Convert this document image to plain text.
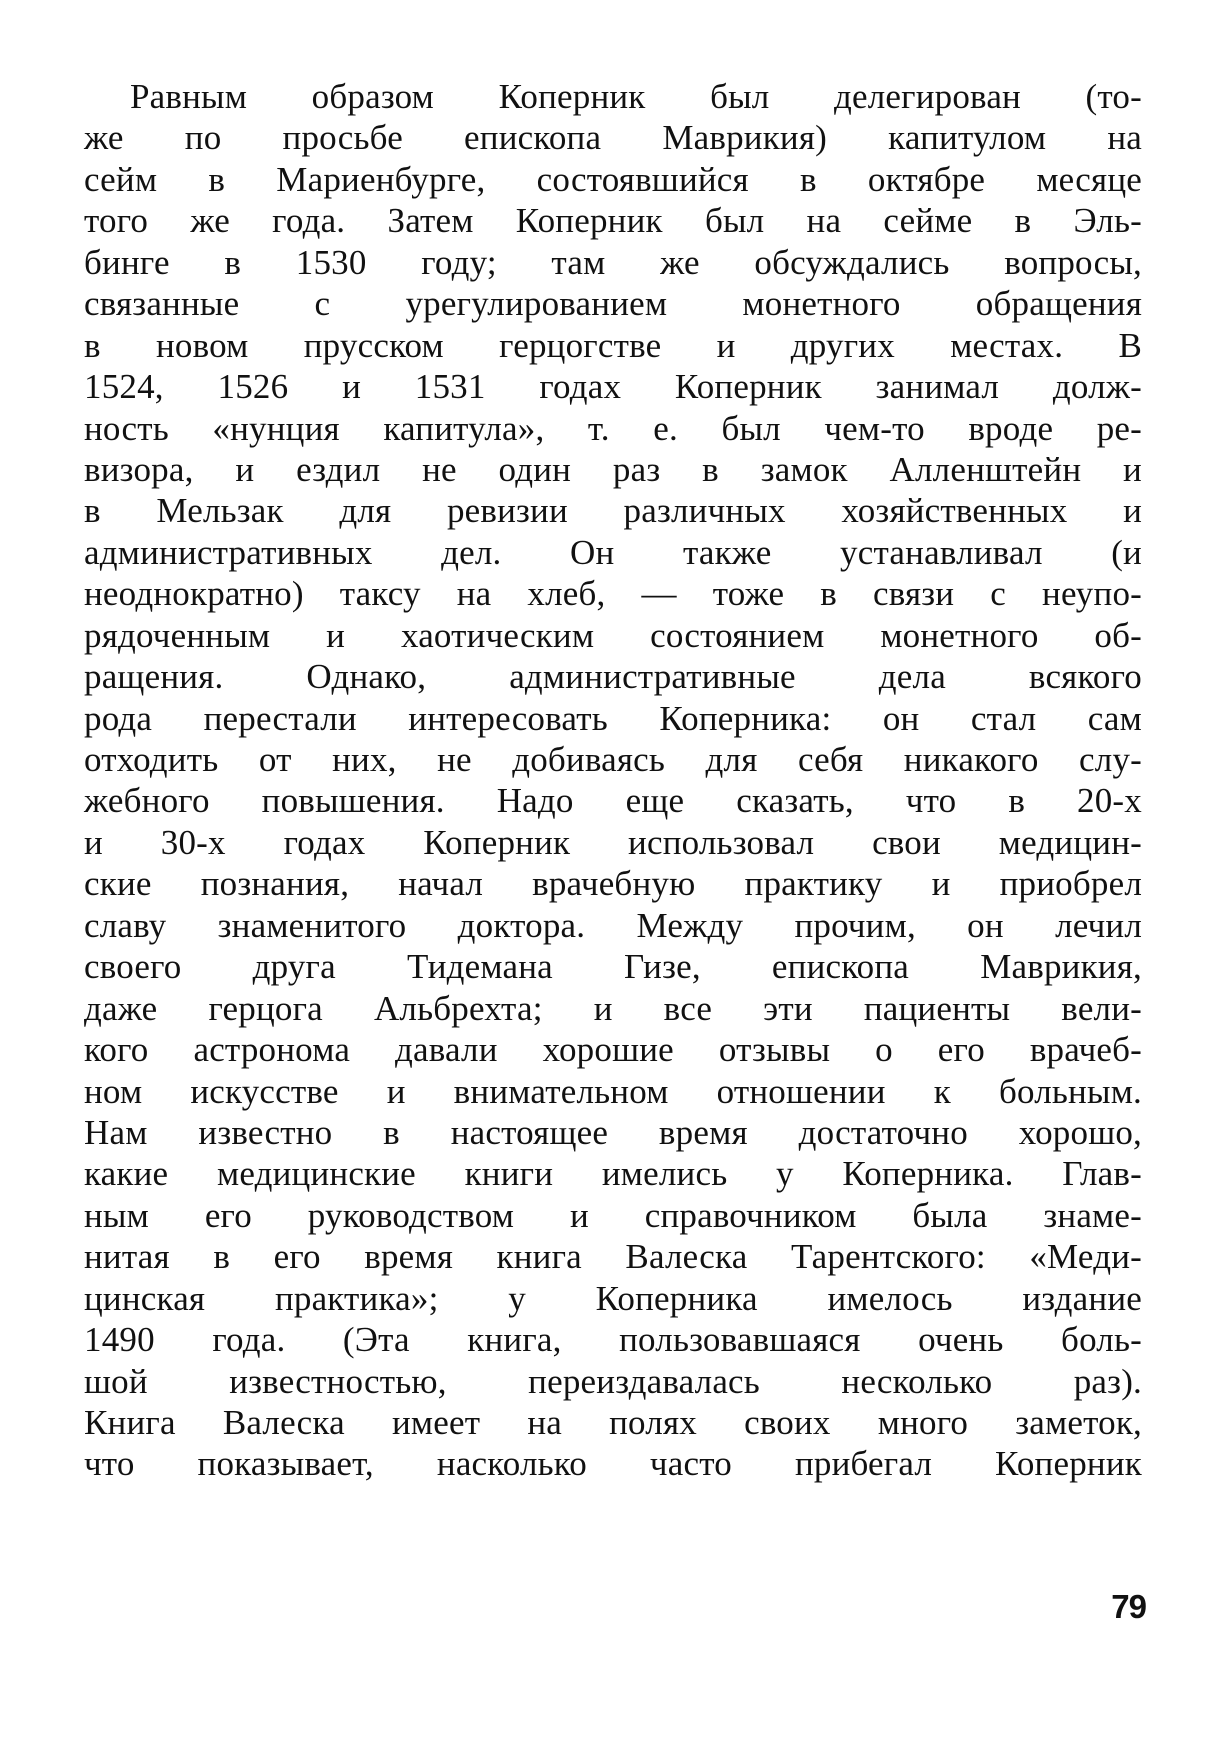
Равным образом Коперник был делегирован (то-
же по просьбе епископа Маврикия) капитулом на
сейм в Мариенбурге, состоявшийся в октябре месяце
того же года. Затем Коперник был на сейме в Эль-
бинге в 1530 году; там же обсуждались вопросы,
связанные с урегулированием монетного обращения
в новом прусском герцогстве и других местах. В
1524, 1526 и 1531 годах Коперник занимал долж-
ность «нунция капитула», т. е. был чем-то вроде ре-
визора, и ездил не один раз в замок Алленштейн и
в Мельзак для ревизии различных хозяйственных и
административных дел. Он также устанавливал (и
неоднократно) таксу на хлеб, — тоже в связи с неупо-
рядоченным и хаотическим состоянием монетного об-
ращения. Однако, административные дела всякого
рода перестали интересовать Коперника: он стал сам
отходить от них, не добиваясь для себя никакого слу-
жебного повышения. Надо еще сказать, что в 20-х
и 30-х годах Коперник использовал свои медицин-
ские познания, начал врачебную практику и приобрел
славу знаменитого доктора. Между прочим, он лечил
своего друга Тидемана Гизе, епископа Маврикия,
даже герцога Альбрехта; и все эти пациенты вели-
кого астронома давали хорошие отзывы о его врачеб-
ном искусстве и внимательном отношении к больным.
Нам известно в настоящее время достаточно хорошо,
какие медицинские книги имелись у Коперника. Глав-
ным его руководством и справочником была знаме-
нитая в его время книга Валеска Тарентского: «Меди-
цинская практика»; у Коперника имелось издание
1490 года. (Эта книга, пользовавшаяся очень боль-
шой известностью, переиздавалась несколько раз).
Книга Валеска имеет на полях своих много заметок,
что показывает, насколько часто прибегал Коперник
79
